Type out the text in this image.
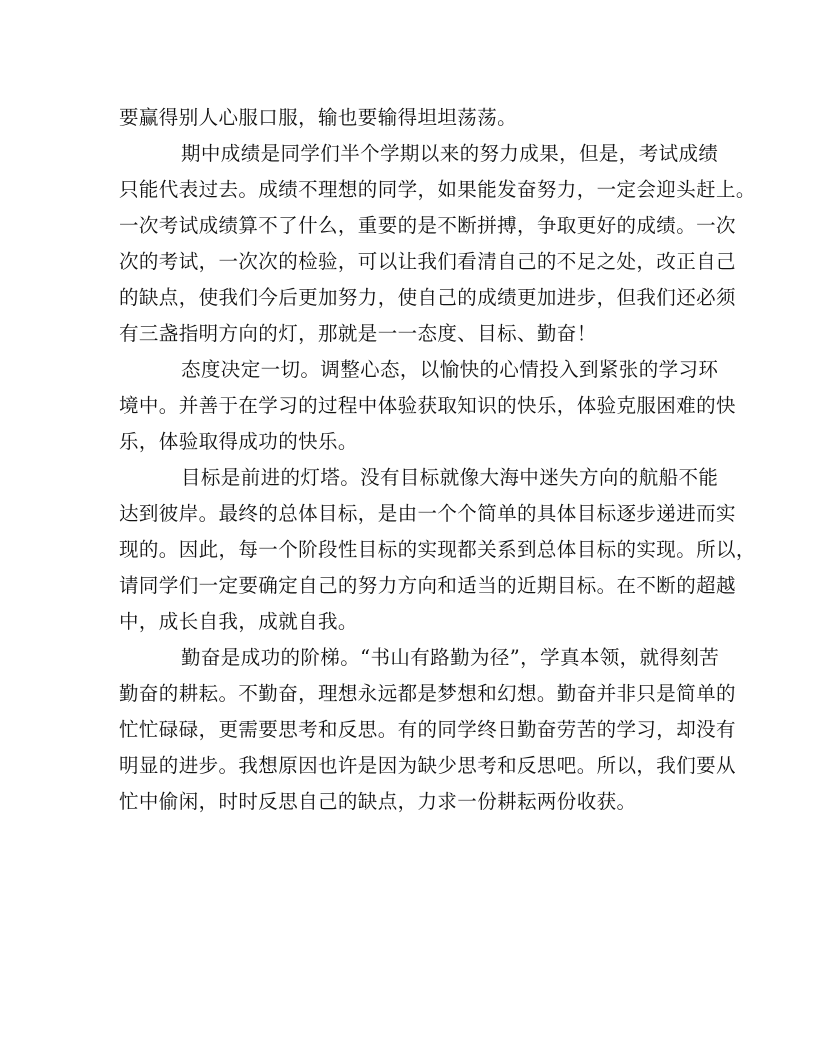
要赢得别人心服口服，输也要输得坦坦荡荡。
期中成绩是同学们半个学期以来的努力成果，但是，考试成绩
只能代表过去。成绩不理想的同学，如果能发奋努力，一定会迎头赶上。
一次考试成绩算不了什么，重要的是不断拼搏，争取更好的成绩。一次
次的考试，一次次的检验，可以让我们看清自己的不足之处，改正自己
的缺点，使我们今后更加努力，使自己的成绩更加进步，但我们还必须
有三盏指明方向的灯，那就是一一态度、目标、勤奋！
态度决定一切。调整心态，以愉快的心情投入到紧张的学习环
境中。并善于在学习的过程中体验获取知识的快乐，体验克服困难的快
乐，体验取得成功的快乐。
目标是前进的灯塔。没有目标就像大海中迷失方向的航船不能
达到彼岸。最终的总体目标，是由一个个简单的具体目标逐步递进而实
现的。因此，每一个阶段性目标的实现都关系到总体目标的实现。所以，
请同学们一定要确定自己的努力方向和适当的近期目标。在不断的超越
中，成长自我，成就自我。
勤奋是成功的阶梯。“书山有路勤为径”，学真本领，就得刻苦
勤奋的耕耘。不勤奋，理想永远都是梦想和幻想。勤奋并非只是简单的
忙忙碌碌，更需要思考和反思。有的同学终日勤奋劳苦的学习，却没有
明显的进步。我想原因也许是因为缺少思考和反思吧。所以，我们要从
忙中偷闲，时时反思自己的缺点，力求一份耕耘两份收获。
